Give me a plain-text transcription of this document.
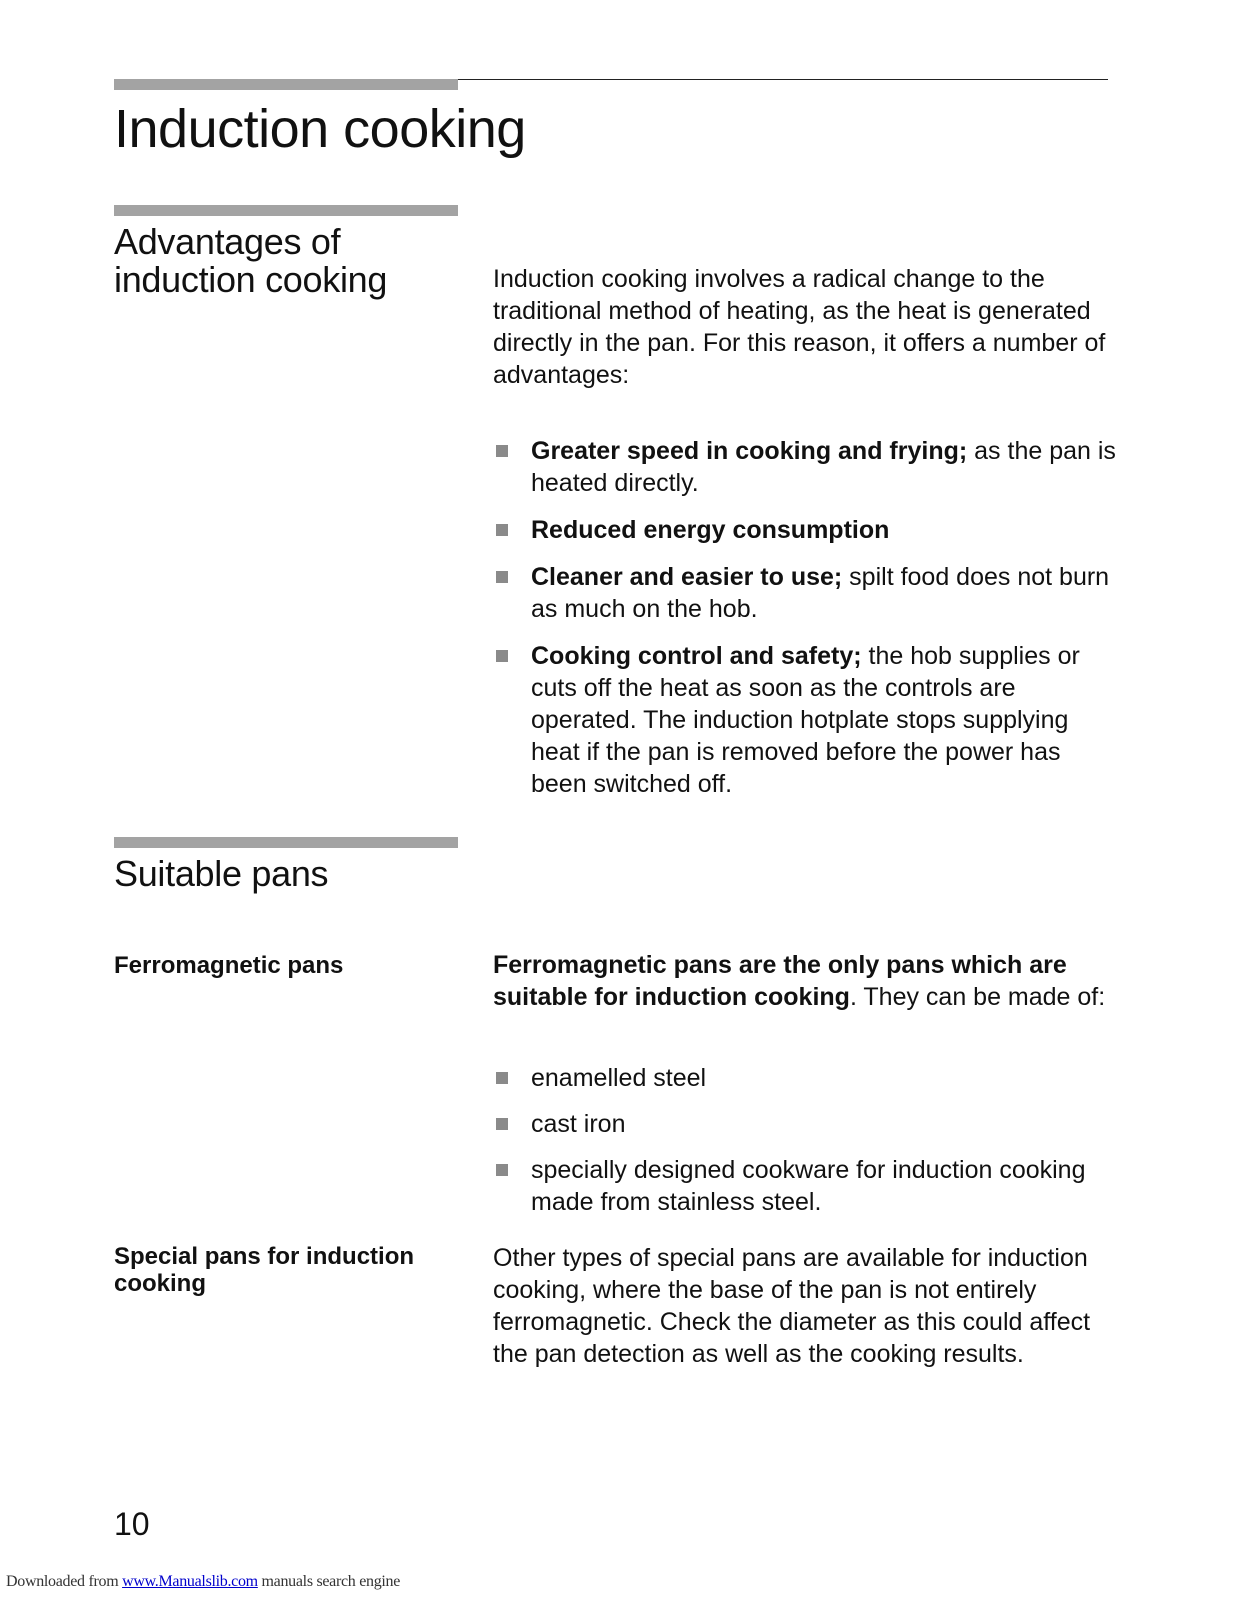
Induction cooking
Advantages of induction cooking	Induction cooking involves a radical change to the traditional method of heating, as the heat is generated directly in the pan. For this reason, it offers a number of advantages:

Greater speed in cooking and frying; as the pan is heated directly.
Reduced energy consumption
Cleaner and easier to use; spilt food does not burn as much on the hob.
Cooking control and safety; the hob supplies or cuts off the heat as soon as the controls are operated. The induction hotplate stops supplying heat if the pan is removed before the power has been switched off.
Suitable pans
Ferromagnetic pans	Ferromagnetic pans are the only pans which are suitable for induction cooking. They can be made of:

enamelled steel
cast iron
specially designed cookware for induction cooking made from stainless steel.
Special pans for induction cooking

Other types of special pans are available for induction cooking, where the base of the pan is not entirely ferromagnetic. Check the diameter as this could affect the pan detection as well as the cooking results.

10

Downloaded from www.Manualslib.com manuals search engine
